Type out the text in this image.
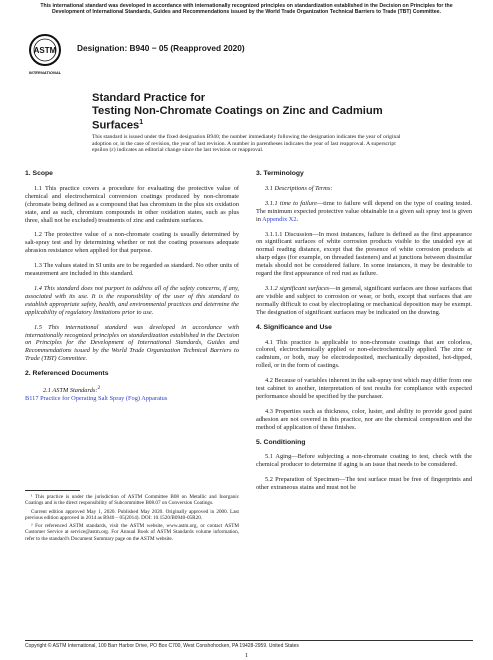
This international standard was developed in accordance with internationally recognized principles on standardization established in the Decision on Principles for the Development of International Standards, Guides and Recommendations issued by the World Trade Organization Technical Barriers to Trade (TBT) Committee.
ASTM
INTERNATIONAL
Designation: B940 − 05 (Reapproved 2020)
Standard Practice for
Testing Non-Chromate Coatings on Zinc and Cadmium
Surfaces$^1$
This standard is issued under the fixed designation B940; the number immediately following the designation indicates the year of original adoption or, in the case of revision, the year of last revision. A number in parentheses indicates the year of last reapproval. A superscript epsilon (ε) indicates an editorial change since the last revision or reapproval.
1. Scope

1.1 This practice covers a procedure for evaluating the protective value of chemical and electrochemical conversion coatings produced by non-chromate (chromate being defined as a compound that has chromium in the plus six oxidation state, and as such, chromium compounds in other oxidation states, such as plus three, shall not be excluded) treatments of zinc and cadmium surfaces.

1.2 The protective value of a non-chromate coating is usually determined by salt-spray test and by determining whether or not the coating possesses adequate abrasion resistance when applied for that purpose.

1.3 The values stated in SI units are to be regarded as standard. No other units of measurement are included in this standard.

1.4 This standard does not purport to address all of the safety concerns, if any, associated with its use. It is the responsibility of the user of this standard to establish appropriate safety, health, and environmental practices and determine the applicability of regulatory limitations prior to use.

1.5 This international standard was developed in accordance with internationally recognized principles on standardization established in the Decision on Principles for the Development of International Standards, Guides and Recommendations issued by the World Trade Organization Technical Barriers to Trade (TBT) Committee.

2. Referenced Documents

2.1 ASTM Standards:$^2$

B117 Practice for Operating Salt Spray (Fog) Apparatus

3. Terminology

3.1 Descriptions of Terms:

3.1.1 time to failure—time to failure will depend on the type of coating tested. The minimum expected protective value obtainable in a given salt spray test is given in Appendix X2.

3.1.1.1 Discussion—In most instances, failure is defined as the first appearance on significant surfaces of white corrosion products visible to the unaided eye at normal reading distance, except that the presence of white corrosion products at sharp edges (for example, on threaded fasteners) and at junctions between dissimilar metals should not be considered failure. In some instances, it may be desirable to regard the first appearance of red rust as failure.

3.1.2 significant surfaces—in general, significant surfaces are those surfaces that are visible and subject to corrosion or wear, or both, except that surfaces that are normally difficult to coat by electroplating or mechanical deposition may be exempt. The designation of significant surfaces may be indicated on the drawing.

4. Significance and Use

4.1 This practice is applicable to non-chromate coatings that are colorless, colored, electrochemically applied or non-electrochemically applied. The zinc or cadmium, or both, may be electrodeposited, mechanically deposited, hot-dipped, rolled, or in the form of castings.

4.2 Because of variables inherent in the salt-spray test which may differ from one test cabinet to another, interpretation of test results for compliance with expected performance should be specified by the purchaser.

4.3 Properties such as thickness, color, luster, and ability to provide good paint adhesion are not covered in this practice, nor are the chemical composition and the method of application of these finishes.

5. Conditioning

5.1 Aging—Before subjecting a non-chromate coating to test, check with the chemical producer to determine if aging is an issue that needs to be considered.

5.2 Preparation of Specimen—The test surface must be free of fingerprints and other extraneous stains and must not be

¹ This practice is under the jurisdiction of ASTM Committee B08 on Metallic and Inorganic Coatings and is the direct responsibility of Subcommittee B08.07 on Conversion Coatings.

Current edition approved May 1, 2020. Published May 2020. Originally approved in 2000. Last previous edition approved in 2014 as B940 – 05(2014). DOI: 10.1520/B0940-05R20.

² For referenced ASTM standards, visit the ASTM website, www.astm.org, or contact ASTM Customer Service at service@astm.org. For Annual Book of ASTM Standards volume information, refer to the standard's Document Summary page on the ASTM website.

Copyright © ASTM International, 100 Barr Harbor Drive, PO Box C700, West Conshohocken, PA 19428-2959. United States
1
